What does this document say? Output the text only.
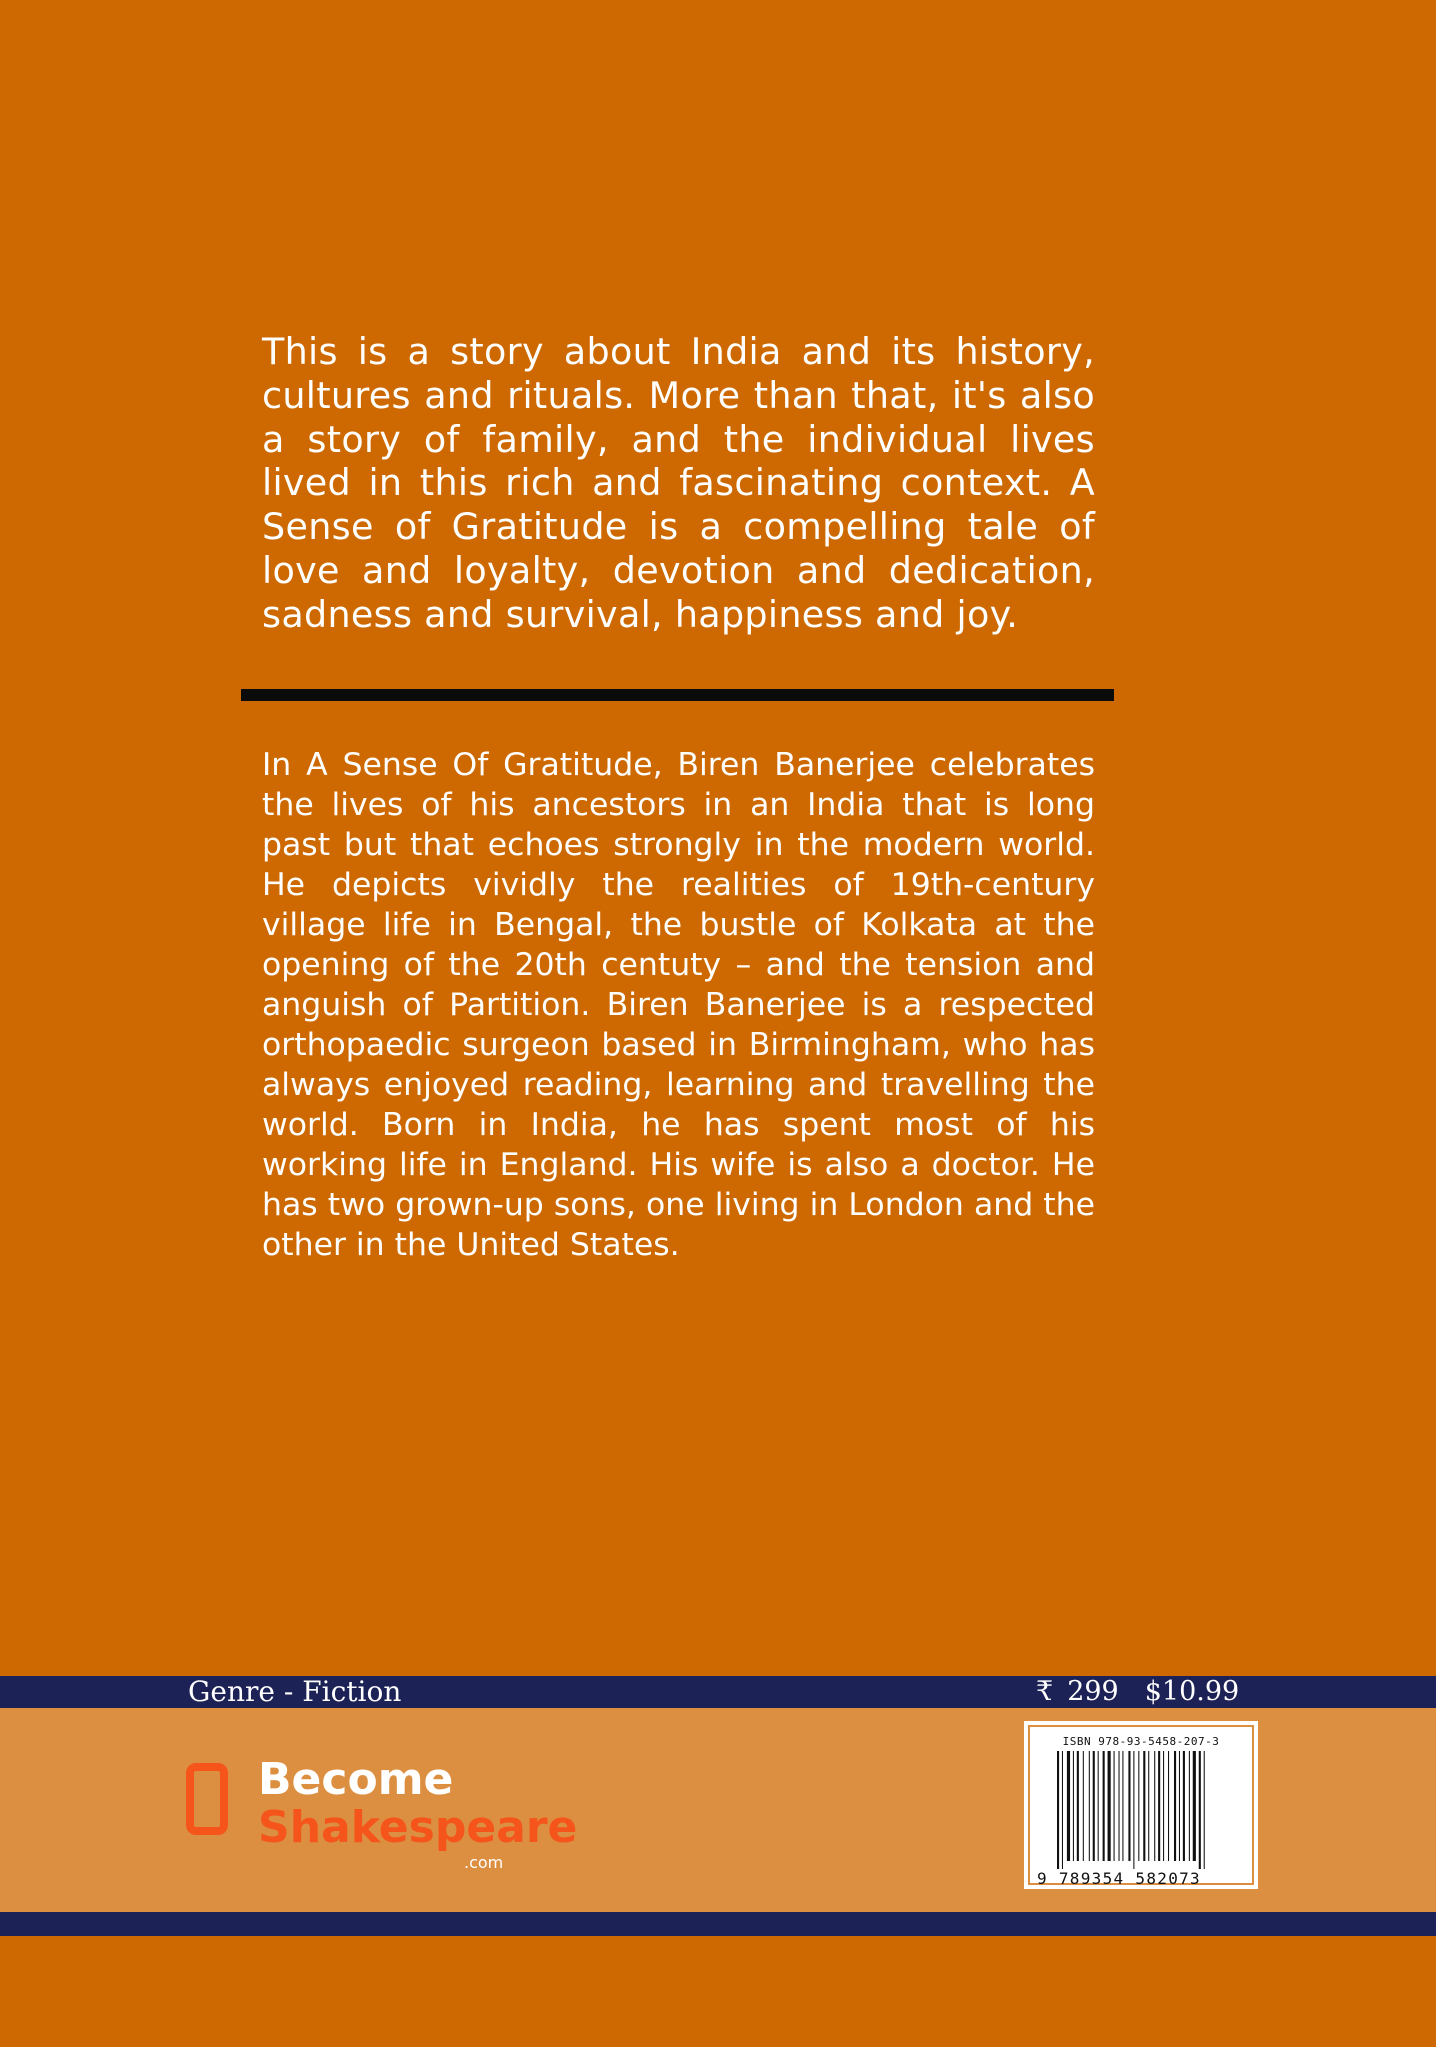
This is a story about India and its history, cultures and rituals. More than that, it's also a story of family, and the individual lives lived in this rich and fascinating context. A Sense of Gratitude is a compelling tale of love and loyalty, devotion and dedication, sadness and survival, happiness and joy.

In A Sense Of Gratitude, Biren Banerjee celebrates the lives of his ancestors in an India that is long past but that echoes strongly in the modern world. He depicts vividly the realities of 19th-century village life in Bengal, the bustle of Kolkata at the opening of the 20th centuty – and the tension and anguish of Partition. Biren Banerjee is a respected orthopaedic surgeon based in Birmingham, who has always enjoyed reading, learning and travelling the world. Born in India, he has spent most of his working life in England. His wife is also a doctor. He has two grown-up sons, one living in London and the other in the United States.

Genre - Fiction	₹ 299 $10.99
Become
Shakespeare
.com
ISBN 978-93-5458-207-3
9 789354 582073
